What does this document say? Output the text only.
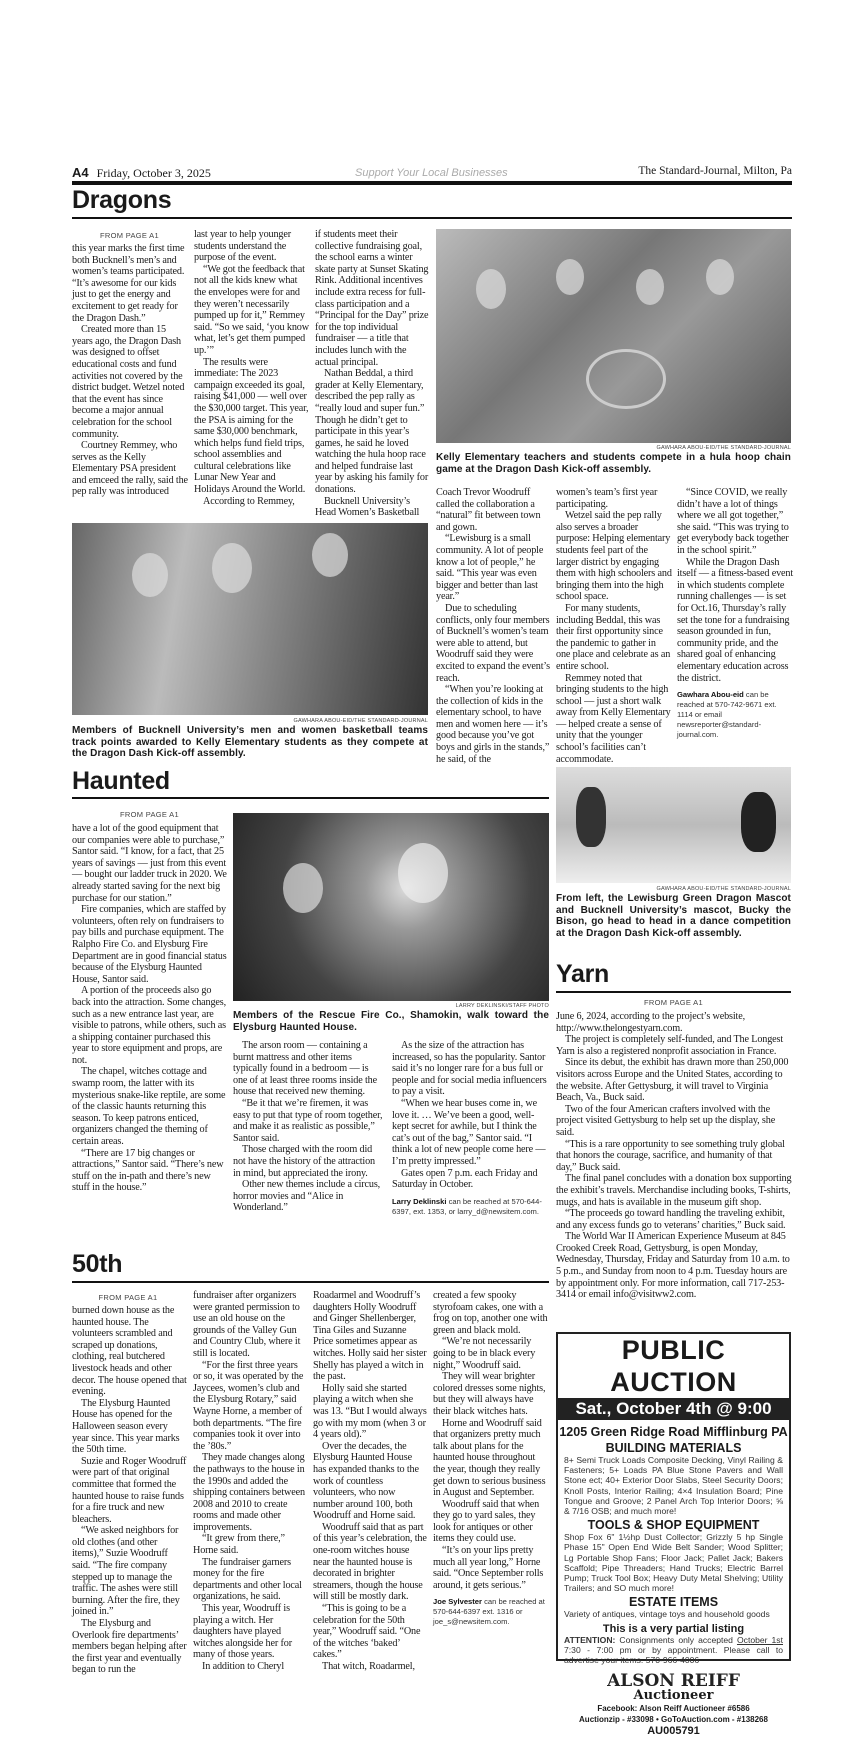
A4 Friday, October 3, 2025	Support Your Local Businesses	The Standard-Journal, Milton, Pa
Dragons
FROM PAGE A1

this year marks the first time both Bucknell’s men’s and women’s teams participated. “It’s awesome for our kids just to get the energy and excitement to get ready for the Dragon Dash.”

Created more than 15 years ago, the Dragon Dash was designed to offset educational costs and fund activities not covered by the district budget. Wetzel noted that the event has since become a major annual celebration for the school community.

Courtney Remmey, who serves as the Kelly Elementary PSA president and emceed the rally, said the pep rally was introduced

last year to help younger students understand the purpose of the event.

“We got the feedback that not all the kids knew what the envelopes were for and they weren’t necessarily pumped up for it,” Remmey said. “So we said, ‘you know what, let’s get them pumped up.’”

The results were immediate: The 2023 campaign exceeded its goal, raising $41,000 — well over the $30,000 target. This year, the PSA is aiming for the same $30,000 benchmark, which helps fund field trips, school assemblies and cultural celebrations like Lunar New Year and Holidays Around the World.

According to Remmey,

if students meet their collective fundraising goal, the school earns a winter skate party at Sunset Skating Rink. Additional incentives include extra recess for full-class participation and a “Principal for the Day” prize for the top individual fundraiser — a title that includes lunch with the actual principal.

Nathan Beddal, a third grader at Kelly Elementary, described the pep rally as “really loud and super fun.” Though he didn’t get to participate in this year’s games, he said he loved watching the hula hoop race and helped fundraise last year by asking his family for donations.

Bucknell University’s Head Women’s Basketball

GAWHARA ABOU-EID/THE STANDARD-JOURNAL
Kelly Elementary teachers and students compete in a hula hoop chain game at the Dragon Dash Kick-off assembly.

Coach Trevor Woodruff called the collaboration a “natural” fit between town and gown.

“Lewisburg is a small community. A lot of people know a lot of people,” he said. “This year was even bigger and better than last year.”

Due to scheduling conflicts, only four members of Bucknell’s women’s team were able to attend, but Woodruff said they were excited to expand the event’s reach.

“When you’re looking at the collection of kids in the elementary school, to have men and women here — it’s good because you’ve got boys and girls in the stands,” he said, of the

women’s team’s first year participating.

Wetzel said the pep rally also serves a broader purpose: Helping elementary students feel part of the larger district by engaging them with high schoolers and bringing them into the high school space.

For many students, including Beddal, this was their first opportunity since the pandemic to gather in one place and celebrate as an entire school.

Remmey noted that bringing students to the high school — just a short walk away from Kelly Elementary — helped create a sense of unity that the younger school’s facilities can’t accommodate.

“Since COVID, we really didn’t have a lot of things where we all got together,” she said. “This was trying to get everybody back together in the school spirit.”

While the Dragon Dash itself — a fitness-based event in which students complete running challenges — is set for Oct.16, Thursday’s rally set the tone for a fundraising season grounded in fun, community pride, and the shared goal of enhancing elementary education across the district.

Gawhara Abou-eid can be reached at 570-742-9671 ext. 1114 or email newsreporter@standard-journal.com.
GAWHARA ABOU-EID/THE STANDARD-JOURNAL
Members of Bucknell University’s men and women basketball teams track points awarded to Kelly Elementary students as they compete at the Dragon Dash Kick-off assembly.
Haunted
FROM PAGE A1

have a lot of the good equipment that our companies were able to purchase,” Santor said. “I know, for a fact, that 25 years of savings — just from this event — bought our ladder truck in 2020. We already started saving for the next big purchase for our station.”

Fire companies, which are staffed by volunteers, often rely on fundraisers to pay bills and purchase equipment. The Ralpho Fire Co. and Elysburg Fire Department are in good financial status because of the Elysburg Haunted House, Santor said.

A portion of the proceeds also go back into the attraction. Some changes, such as a new entrance last year, are visible to patrons, while others, such as a shipping container purchased this year to store equipment and props, are not.

The chapel, witches cottage and swamp room, the latter with its mysterious snake-like reptile, are some of the classic haunts returning this season. To keep patrons enticed, organizers changed the theming of certain areas.

“There are 17 big changes or attractions,” Santor said. “There’s new stuff on the in-path and there’s new stuff in the house.”

LARRY DEKLINSKI/STAFF PHOTO
Members of the Rescue Fire Co., Shamokin, walk toward the Elysburg Haunted House.

The arson room — containing a burnt mattress and other items typically found in a bedroom — is one of at least three rooms inside the house that received new theming.

“Be it that we’re firemen, it was easy to put that type of room together, and make it as realistic as possible,” Santor said.

Those charged with the room did not have the history of the attraction in mind, but appreciated the irony.

Other new themes include a circus, horror movies and “Alice in Wonderland.”

As the size of the attraction has increased, so has the popularity. Santor said it’s no longer rare for a bus full or people and for social media influencers to pay a visit.

“When we hear buses come in, we love it. … We’ve been a good, well-kept secret for awhile, but I think the cat’s out of the bag,” Santor said. “I think a lot of new people come here — I’m pretty impressed.”

Gates open 7 p.m. each Friday and Saturday in October.

Larry Deklinski can be reached at 570-644-6397, ext. 1353, or larry_d@newsitem.com.
GAWHARA ABOU-EID/THE STANDARD-JOURNAL
From left, the Lewisburg Green Dragon Mascot and Bucknell University’s mascot, Bucky the Bison, go head to head in a dance competition at the Dragon Dash Kick-off assembly.
Yarn
FROM PAGE A1

June 6, 2024, according to the project’s website, http://www.thelongestyarn.com.

The project is completely self-funded, and The Longest Yarn is also a registered nonprofit association in France.

Since its debut, the exhibit has drawn more than 250,000 visitors across Europe and the United States, according to the website. After Gettysburg, it will travel to Virginia Beach, Va., Buck said.

Two of the four American crafters involved with the project visited Gettysburg to help set up the display, she said.

“This is a rare opportunity to see something truly global that honors the courage, sacrifice, and humanity of that day,” Buck said.

The final panel concludes with a donation box supporting the exhibit’s travels. Merchandise including books, T-shirts, mugs, and hats is available in the museum gift shop.

“The proceeds go toward handling the traveling exhibit, and any excess funds go to veterans’ charities,” Buck said.

The World War II American Experience Museum at 845 Crooked Creek Road, Gettysburg, is open Monday, Wednesday, Thursday, Friday and Saturday from 10 a.m. to 5 p.m., and Sunday from noon to 4 p.m. Tuesday hours are by appointment only. For more information, call 717-253-3414 or email info@visitww2.com.

50th
FROM PAGE A1

burned down house as the haunted house. The volunteers scrambled and scraped up donations, clothing, real butchered livestock heads and other decor. The house opened that evening.

The Elysburg Haunted House has opened for the Halloween season every year since. This year marks the 50th time.

Suzie and Roger Woodruff were part of that original committee that formed the haunted house to raise funds for a fire truck and new bleachers.

“We asked neighbors for old clothes (and other items),” Suzie Woodruff said. “The fire company stepped up to manage the traffic. The ashes were still burning. After the fire, they joined in.”

The Elysburg and Overlook fire departments’ members began helping after the first year and eventually began to run the

fundraiser after organizers were granted permission to use an old house on the grounds of the Valley Gun and Country Club, where it still is located.

“For the first three years or so, it was operated by the Jaycees, women’s club and the Elysburg Rotary,” said Wayne Horne, a member of both departments. “The fire companies took it over into the ’80s.”

They made changes along the pathways to the house in the 1990s and added the shipping containers between 2008 and 2010 to create rooms and made other improvements.

“It grew from there,” Horne said.

The fundraiser garners money for the fire departments and other local organizations, he said.

This year, Woodruff is playing a witch. Her daughters have played witches alongside her for many of those years.

In addition to Cheryl

Roadarmel and Woodruff’s daughters Holly Woodruff and Ginger Shellenberger, Tina Giles and Suzanne Price sometimes appear as witches. Holly said her sister Shelly has played a witch in the past.

Holly said she started playing a witch when she was 13. “But I would always go with my mom (when 3 or 4 years old).”

Over the decades, the Elysburg Haunted House has expanded thanks to the work of countless volunteers, who now number around 100, both Woodruff and Horne said.

Woodruff said that as part of this year’s celebration, the one-room witches house near the haunted house is decorated in brighter streamers, though the house will still be mostly dark.

“This is going to be a celebration for the 50th year,” Woodruff said. “One of the witches ‘baked’ cakes.”

That witch, Roadarmel,

created a few spooky styrofoam cakes, one with a frog on top, another one with green and black mold.

“We’re not necessarily going to be in black every night,” Woodruff said.

They will wear brighter colored dresses some nights, but they will always have their black witches hats.

Horne and Woodruff said that organizers pretty much talk about plans for the haunted house throughout the year, though they really get down to serious business in August and September.

Woodruff said that when they go to yard sales, they look for antiques or other items they could use.

“It’s on your lips pretty much all year long,” Horne said. “Once September rolls around, it gets serious.”

Joe Sylvester can be reached at 570-644-6397 ext. 1316 or joe_s@newsitem.com.
PUBLIC AUCTION
Sat., October 4th @ 9:00
1205 Green Ridge Road Mifflinburg PA
BUILDING MATERIALS
8+ Semi Truck Loads Composite Decking, Vinyl Railing & Fasteners; 5+ Loads PA Blue Stone Pavers and Wall Stone ect; 40+ Exterior Door Slabs, Steel Security Doors; Knoll Posts, Interior Railing; 4×4 Insulation Board; Pine Tongue and Groove; 2 Panel Arch Top Interior Doors; ⅝ & 7/16 OSB; and much more!
TOOLS & SHOP EQUIPMENT
Shop Fox 6" 1½hp Dust Collector; Grizzly 5 hp Single Phase 15" Open End Wide Belt Sander; Wood Splitter; Lg Portable Shop Fans; Floor Jack; Pallet Jack; Bakers Scaffold; Pipe Threaders; Hand Trucks; Electric Barrel Pump; Truck Tool Box; Heavy Duty Metal Shelving; Utility Trailers; and SO much more!
ESTATE ITEMS
Variety of antiques, vintage toys and household goods
This is a very partial listing
ATTENTION: Consignments only accepted October 1st 7:30 - 7:00 pm or by appointment. Please call to advertise your items. 570-966-4006
ALSON REIFF
Auctioneer
Facebook: Alson Reiff Auctioneer #6586
Auctionzip - #33098 • GoToAuction.com - #138268
AU005791
